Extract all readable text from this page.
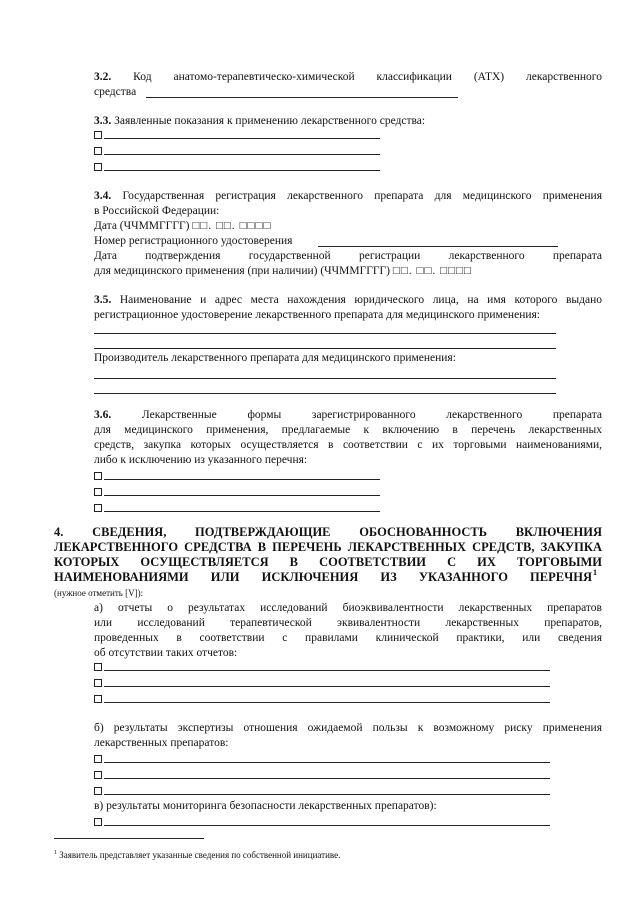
3.2. Код анатомо-терапевтическо-химической классификации (АТХ) лекарственного
средства
3.3. Заявленные показания к применению лекарственного средства:
3.4. Государственная регистрация лекарственного препарата для медицинского применения
в Российской Федерации:
Дата (ЧЧММГГГГ) □□. □□. □□□□
Номер регистрационного удостоверения
Дата подтверждения государственной регистрации лекарственного препарата
для медицинского применения (при наличии) (ЧЧММГГГГ) □□. □□. □□□□
3.5. Наименование и адрес места нахождения юридического лица, на имя которого выдано
регистрационное удостоверение лекарственного препарата для медицинского применения:
Производитель лекарственного препарата для медицинского применения:
3.6. Лекарственные формы зарегистрированного лекарственного препарата
для медицинского применения, предлагаемые к включению в перечень лекарственных
средств, закупка которых осуществляется в соответствии с их торговыми наименованиями,
либо к исключению из указанного перечня:
4. СВЕДЕНИЯ, ПОДТВЕРЖДАЮЩИЕ ОБОСНОВАННОСТЬ ВКЛЮЧЕНИЯ
ЛЕКАРСТВЕННОГО СРЕДСТВА В ПЕРЕЧЕНЬ ЛЕКАРСТВЕННЫХ СРЕДСТВ, ЗАКУПКА
КОТОРЫХ ОСУЩЕСТВЛЯЕТСЯ В СООТВЕТСТВИИ С ИХ ТОРГОВЫМИ
НАИМЕНОВАНИЯМИ ИЛИ ИСКЛЮЧЕНИЯ ИЗ УКАЗАННОГО ПЕРЕЧНЯ 1
(нужное отметить [V]):
а) отчеты о результатах исследований биоэквивалентности лекарственных препаратов
или исследований терапевтической эквивалентности лекарственных препаратов,
проведенных в соответствии с правилами клинической практики, или сведения
об отсутствии таких отчетов:
б) результаты экспертизы отношения ожидаемой пользы к возможному риску применения
лекарственных препаратов:
в) результаты мониторинга безопасности лекарственных препаратов):
$^1$ Заявитель представляет указанные сведения по собственной инициативе.
